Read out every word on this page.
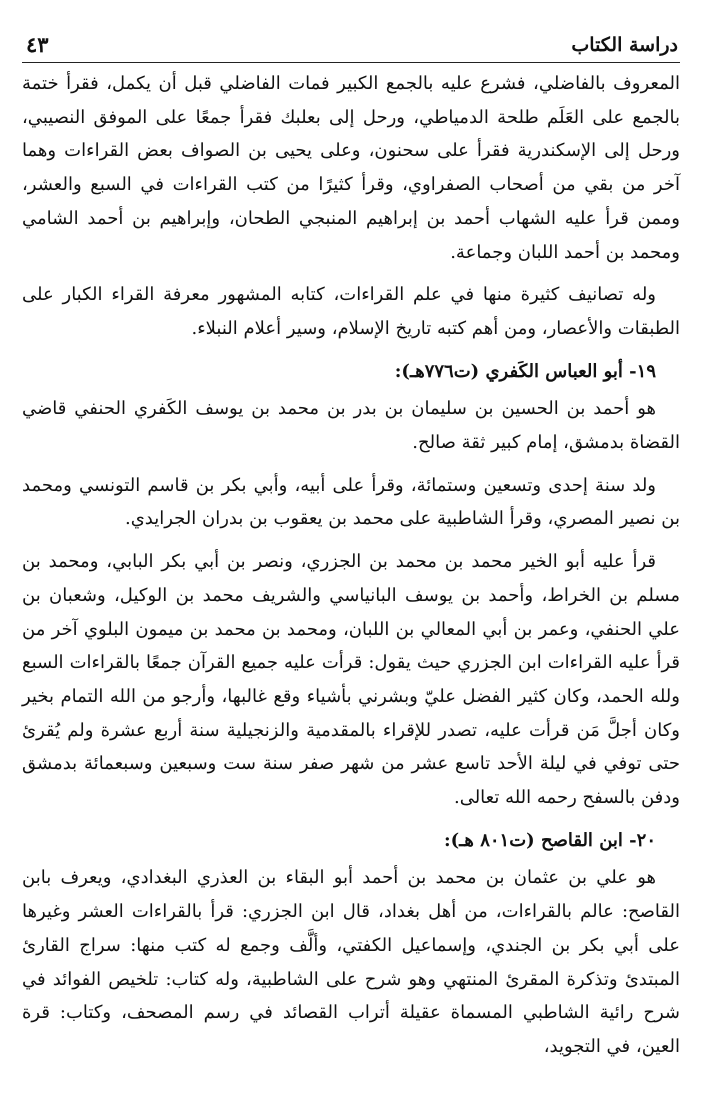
دراسة الكتاب
٤٣

المعروف بالفاضلي، فشرع عليه بالجمع الكبير فمات الفاضلي قبل أن يكمل، فقرأ ختمة بالجمع على العَلَم طلحة الدمياطي، ورحل إلى بعلبك فقرأ جمعًا على الموفق النصيبي، ورحل إلى الإسكندرية فقرأ على سحنون، وعلى يحيى بن الصواف بعض القراءات وهما آخر من بقي من أصحاب الصفراوي، وقرأ كثيرًا من كتب القراءات في السبع والعشر، وممن قرأ عليه الشهاب أحمد بن إبراهيم المنبجي الطحان، وإبراهيم بن أحمد الشامي ومحمد بن أحمد اللبان وجماعة.

وله تصانيف كثيرة منها في علم القراءات، كتابه المشهور معرفة القراء الكبار على الطبقات والأعصار، ومن أهم كتبه تاريخ الإسلام، وسير أعلام النبلاء.

١٩- أبو العباس الكَفري (ت٧٧٦هـ):

هو أحمد بن الحسين بن سليمان بن بدر بن محمد بن يوسف الكَفري الحنفي قاضي القضاة بدمشق، إمام كبير ثقة صالح.

ولد سنة إحدى وتسعين وستمائة، وقرأ على أبيه، وأبي بكر بن قاسم التونسي ومحمد بن نصير المصري، وقرأ الشاطبية على محمد بن يعقوب بن بدران الجرايدي.

قرأ عليه أبو الخير محمد بن محمد بن الجزري، ونصر بن أبي بكر البابي، ومحمد بن مسلم بن الخراط، وأحمد بن يوسف البانياسي والشريف محمد بن الوكيل، وشعبان بن علي الحنفي، وعمر بن أبي المعالي بن اللبان، ومحمد بن محمد بن ميمون البلوي آخر من قرأ عليه القراءات ابن الجزري حيث يقول: قرأت عليه جميع القرآن جمعًا بالقراءات السبع ولله الحمد، وكان كثير الفضل عليّ وبشرني بأشياء وقع غالبها، وأرجو من الله التمام بخير وكان أجلَّ مَن قرأت عليه، تصدر للإقراء بالمقدمية والزنجيلية سنة أربع عشرة ولم يُقرئ حتى توفي في ليلة الأحد تاسع عشر من شهر صفر سنة ست وسبعين وسبعمائة بدمشق ودفن بالسفح رحمه الله تعالى.

٢٠- ابن القاصح (ت٨٠١ هـ):

هو علي بن عثمان بن محمد بن أحمد أبو البقاء بن العذري البغدادي، ويعرف بابن القاصح: عالم بالقراءات، من أهل بغداد، قال ابن الجزري: قرأ بالقراءات العشر وغيرها على أبي بكر بن الجندي، وإسماعيل الكفتي، وألَّف وجمع له كتب منها: سراج القارئ المبتدئ وتذكرة المقرئ المنتهي وهو شرح على الشاطبية، وله كتاب: تلخيص الفوائد في شرح رائية الشاطبي المسماة عقيلة أتراب القصائد في رسم المصحف، وكتاب: قرة العين، في التجويد،
